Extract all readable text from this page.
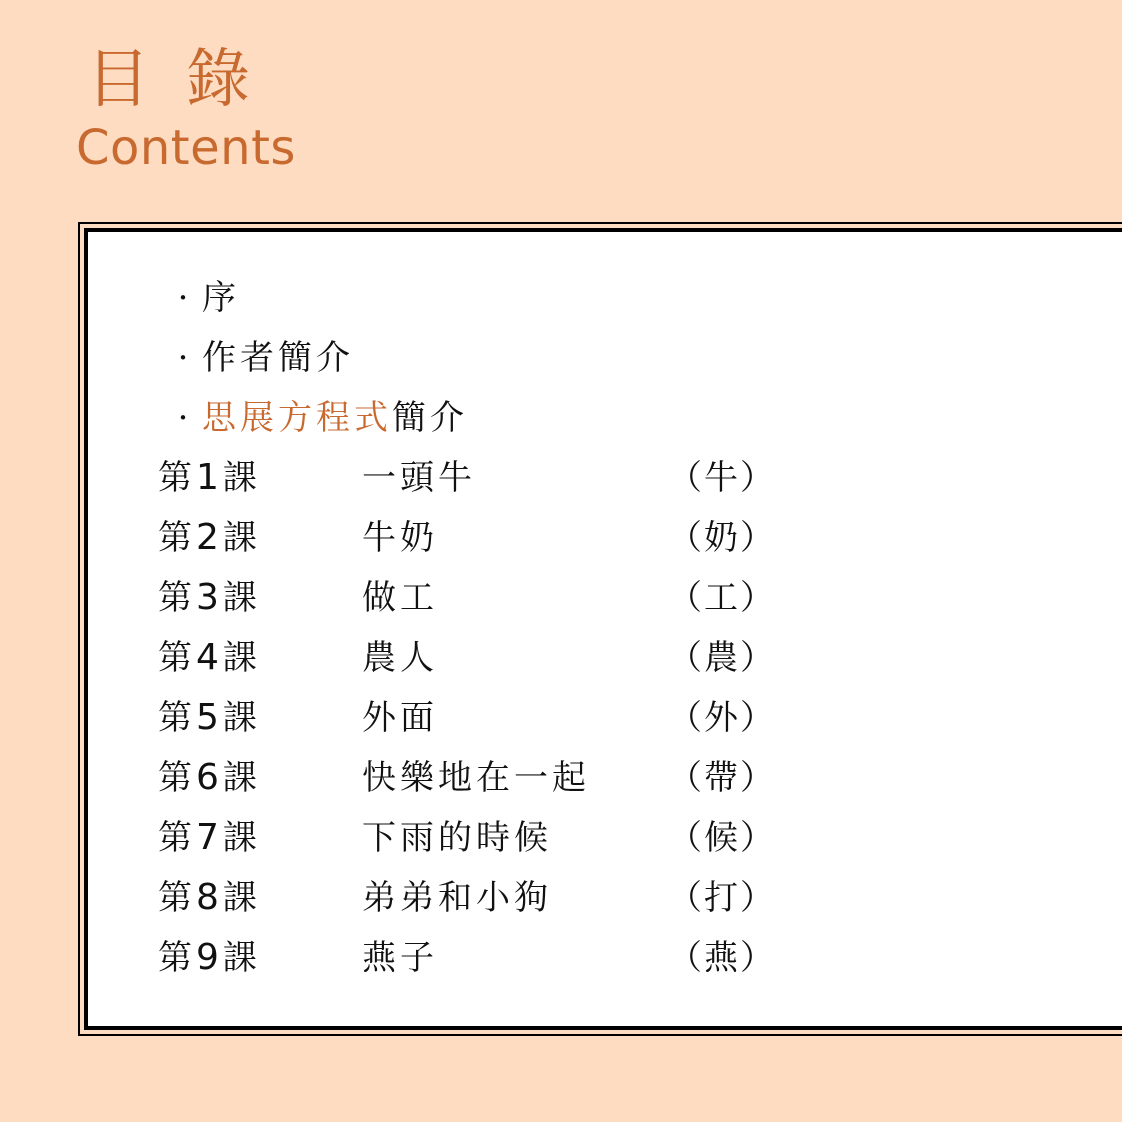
目錄
Contents
· 序
· 作者簡介
· 思展方程式簡介
第 1 課	一頭牛	（牛）
第 2 課	牛奶	（奶）
第 3 課	做工	（工）
第 4 課	農人	（農）
第 5 課	外面	（外）
第 6 課	快樂地在一起 （帶）
第 7 課	下雨的時候	（候）
第 8 課	弟弟和小狗	（打）
第 9 課	燕子	（燕）
